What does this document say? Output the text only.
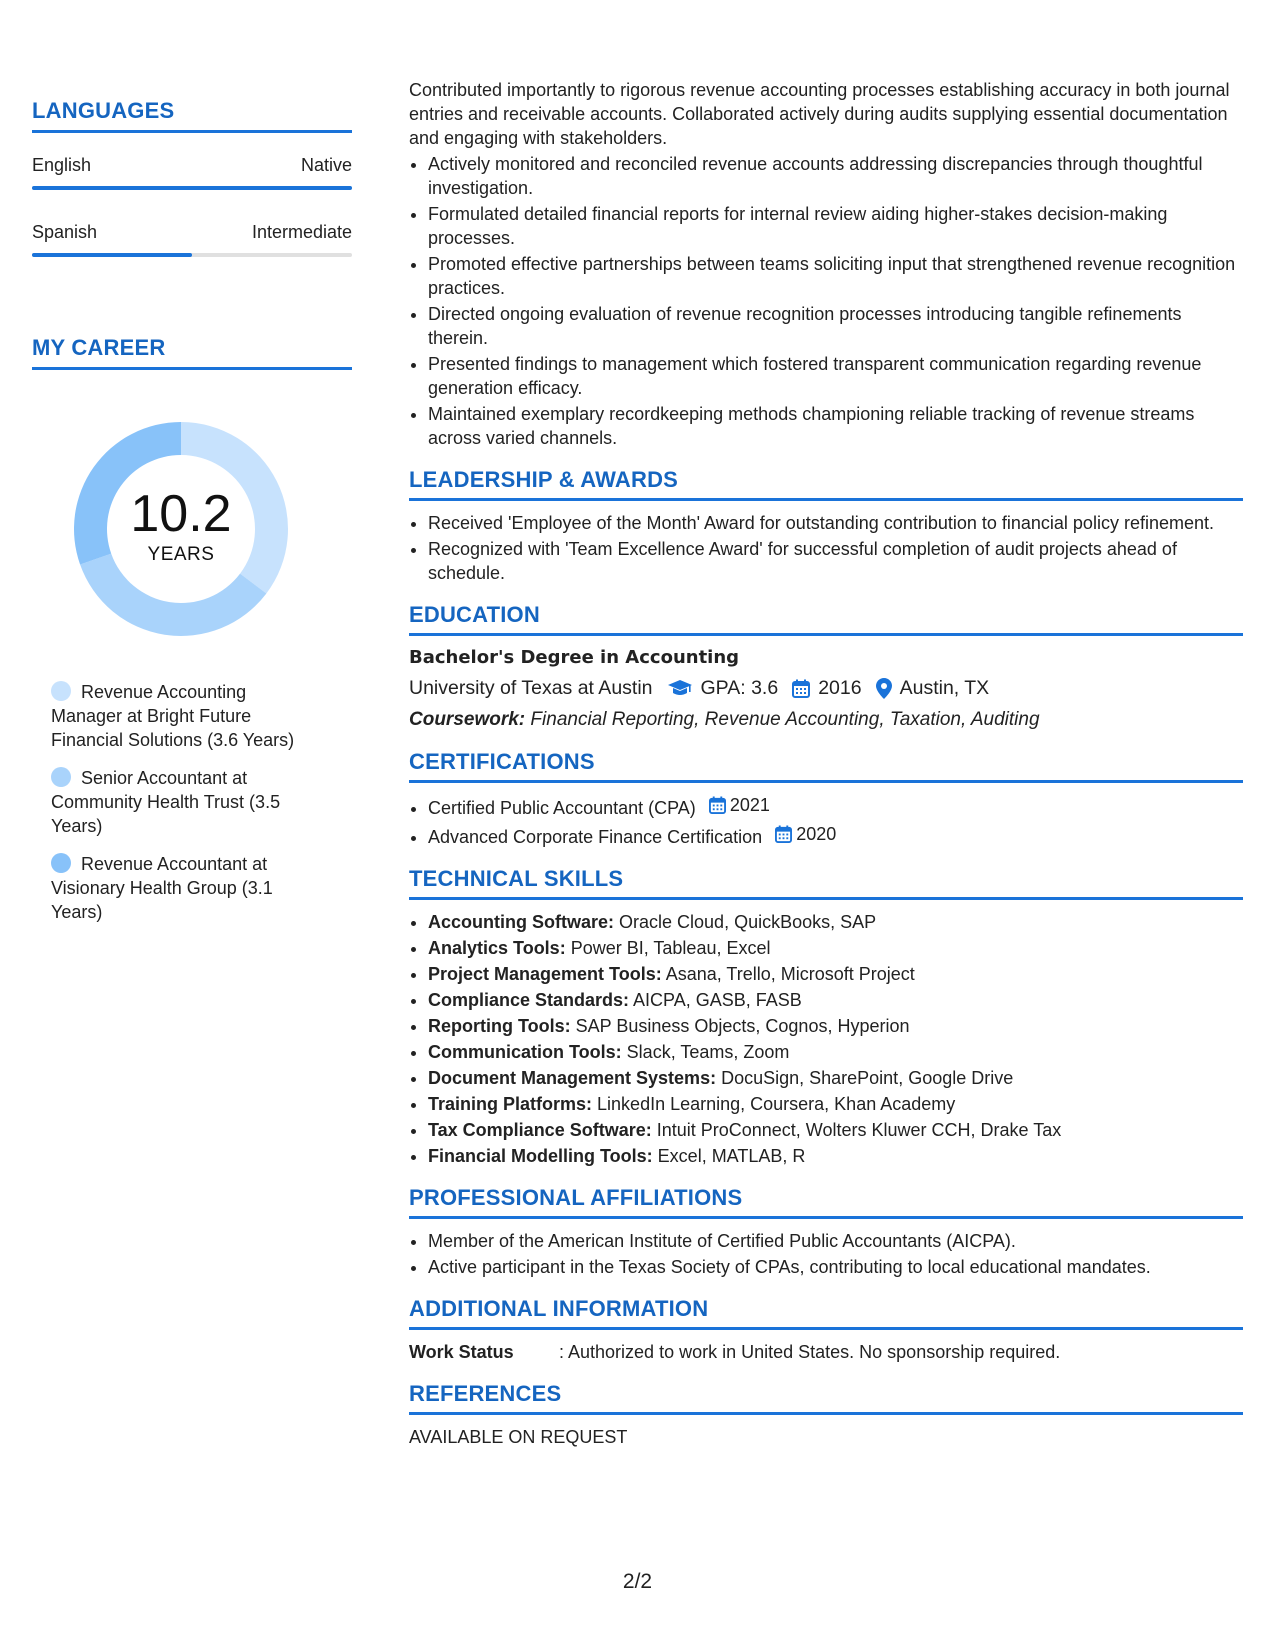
LANGUAGES
English	Native
Spanish	Intermediate
MY CAREER
10.2
YEARS
Revenue Accounting Manager at Bright Future Financial Solutions (3.6 Years)
Senior Accountant at Community Health Trust (3.5 Years)
Revenue Accountant at Visionary Health Group (3.1 Years)

Contributed importantly to rigorous revenue accounting processes establishing accuracy in both journal entries and receivable accounts. Collaborated actively during audits supplying essential documentation and engaging with stakeholders.

• Actively monitored and reconciled revenue accounts addressing discrepancies through thoughtful investigation.
• Formulated detailed financial reports for internal review aiding higher-stakes decision-making processes.
• Promoted effective partnerships between teams soliciting input that strengthened revenue recognition practices.
• Directed ongoing evaluation of revenue recognition processes introducing tangible refinements therein.
• Presented findings to management which fostered transparent communication regarding revenue generation efficacy.
• Maintained exemplary recordkeeping methods championing reliable tracking of revenue streams across varied channels.
LEADERSHIP & AWARDS
• Received 'Employee of the Month' Award for outstanding contribution to financial policy refinement.
• Recognized with 'Team Excellence Award' for successful completion of audit projects ahead of schedule.
EDUCATION
Bachelor's Degree in Accounting
University of Texas at Austin GPA: 3.6 2016 Austin, TX
Coursework: Financial Reporting, Revenue Accounting, Taxation, Auditing
CERTIFICATIONS
• Certified Public Accountant (CPA) 2021
• Advanced Corporate Finance Certification 2020
TECHNICAL SKILLS
• Accounting Software: Oracle Cloud, QuickBooks, SAP
• Analytics Tools: Power BI, Tableau, Excel
• Project Management Tools: Asana, Trello, Microsoft Project
• Compliance Standards: AICPA, GASB, FASB
• Reporting Tools: SAP Business Objects, Cognos, Hyperion
• Communication Tools: Slack, Teams, Zoom
• Document Management Systems: DocuSign, SharePoint, Google Drive
• Training Platforms: LinkedIn Learning, Coursera, Khan Academy
• Tax Compliance Software: Intuit ProConnect, Wolters Kluwer CCH, Drake Tax
• Financial Modelling Tools: Excel, MATLAB, R
PROFESSIONAL AFFILIATIONS
• Member of the American Institute of Certified Public Accountants (AICPA).
• Active participant in the Texas Society of CPAs, contributing to local educational mandates.
ADDITIONAL INFORMATION
Work Status	: Authorized to work in United States. No sponsorship required.
REFERENCES
AVAILABLE ON REQUEST
2/2
